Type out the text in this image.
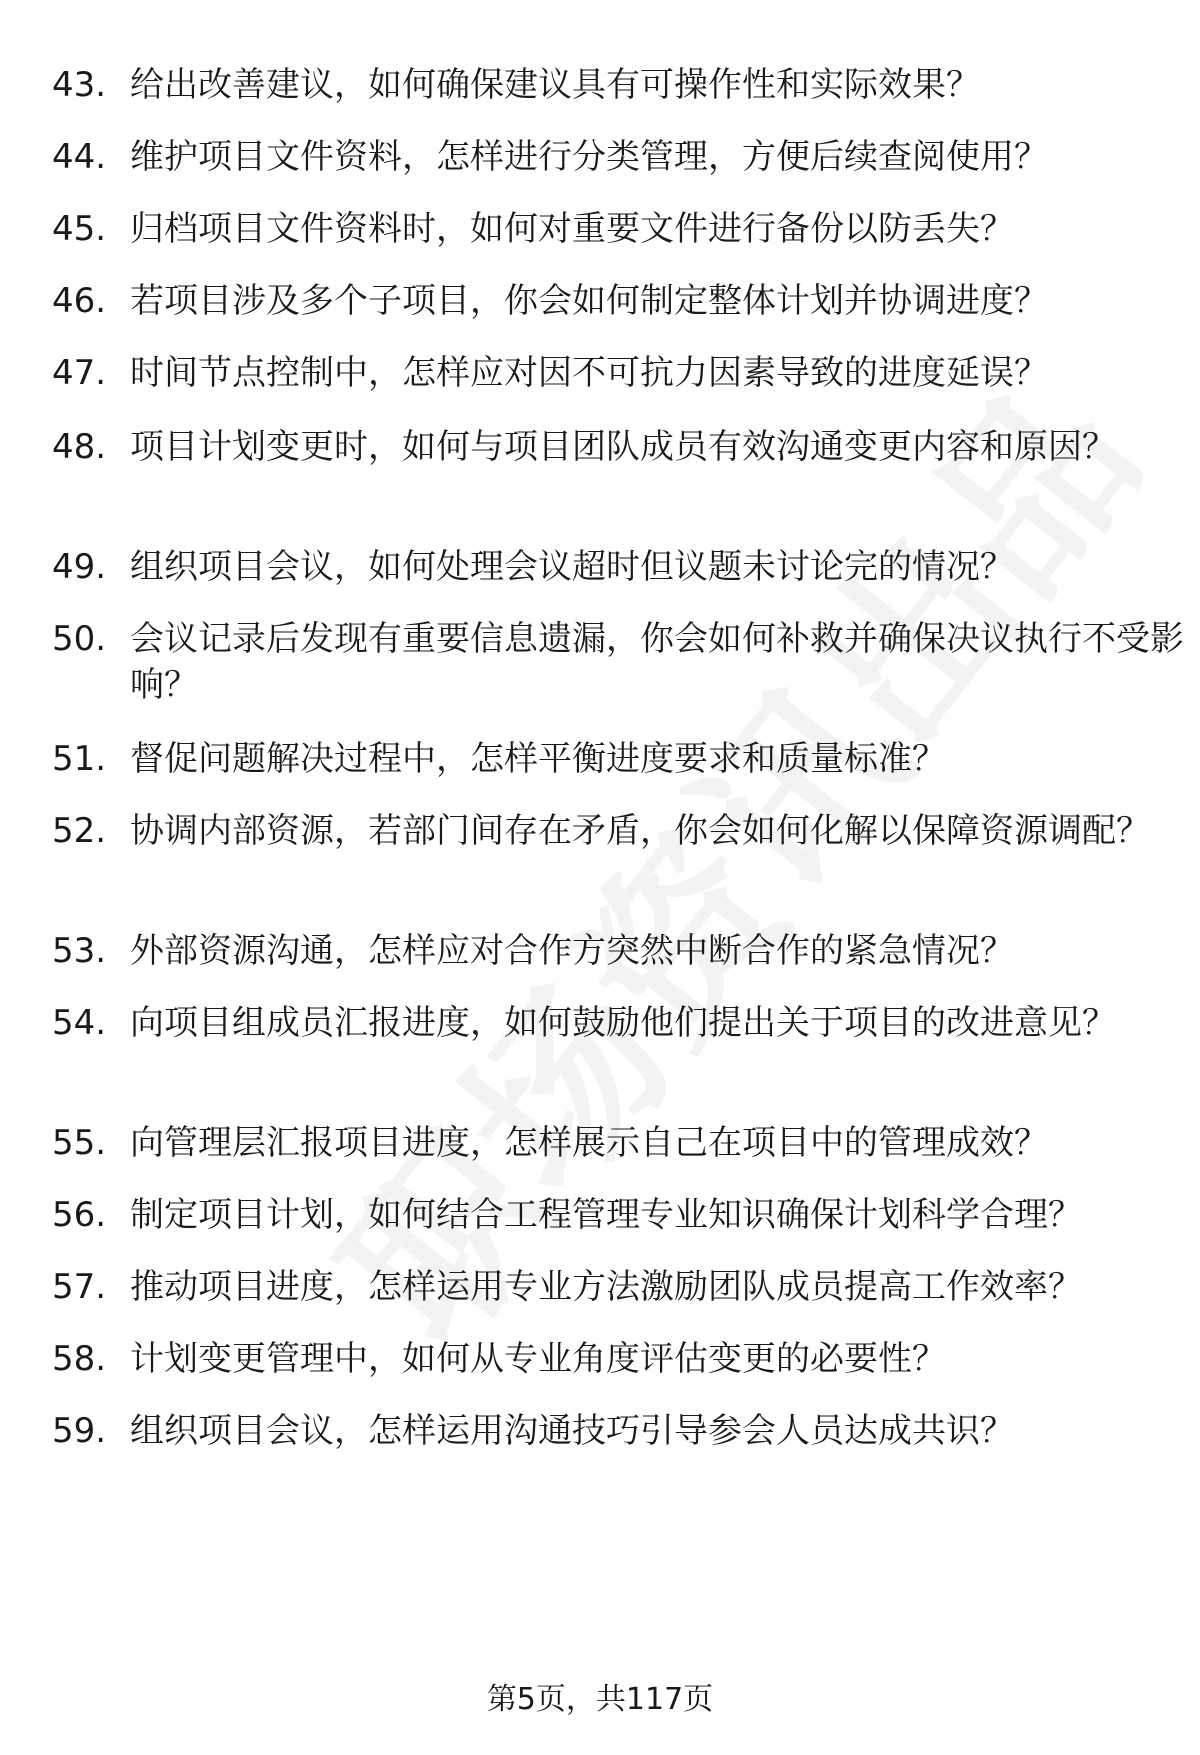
43. 给出改善建议，如何确保建议具有可操作性和实际效果？
44. 维护项目文件资料，怎样进行分类管理，方便后续查阅使用？
45. 归档项目文件资料时，如何对重要文件进行备份以防丢失？
46. 若项目涉及多个子项目，你会如何制定整体计划并协调进度？
47. 时间节点控制中，怎样应对因不可抗力因素导致的进度延误？
48. 项目计划变更时，如何与项目团队成员有效沟通变更内容和原因？
49. 组织项目会议，如何处理会议超时但议题未讨论完的情况？
50. 会议记录后发现有重要信息遗漏，你会如何补救并确保决议执行不受影响？
51. 督促问题解决过程中，怎样平衡进度要求和质量标准？
52. 协调内部资源，若部门间存在矛盾，你会如何化解以保障资源调配？
53. 外部资源沟通，怎样应对合作方突然中断合作的紧急情况？
54. 向项目组成员汇报进度，如何鼓励他们提出关于项目的改进意见？
55. 向管理层汇报项目进度，怎样展示自己在项目中的管理成效？
56. 制定项目计划，如何结合工程管理专业知识确保计划科学合理？
57. 推动项目进度，怎样运用专业方法激励团队成员提高工作效率？
58. 计划变更管理中，如何从专业角度评估变更的必要性？
59. 组织项目会议，怎样运用沟通技巧引导参会人员达成共识？
第5页，共117页
